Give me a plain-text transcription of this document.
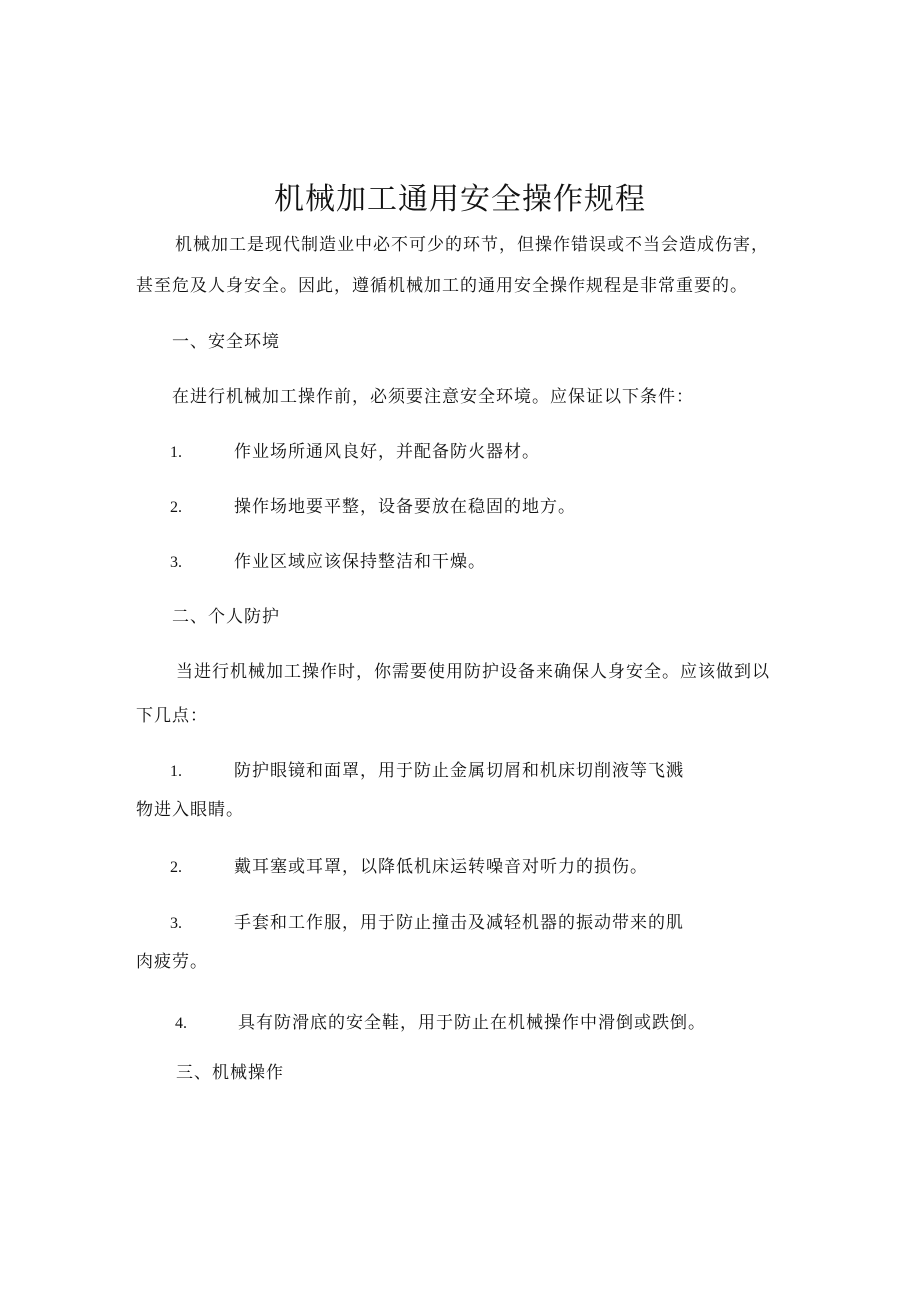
机械加工通用安全操作规程
机械加工是现代制造业中必不可少的环节，但操作错误或不当会造成伤害，
甚至危及人身安全。因此，遵循机械加工的通用安全操作规程是非常重要的。
一、安全环境
在进行机械加工操作前，必须要注意安全环境。应保证以下条件：
1.	作业场所通风良好，并配备防火器材。
2.	操作场地要平整，设备要放在稳固的地方。
3.	作业区域应该保持整洁和干燥。
二、个人防护
当进行机械加工操作时，你需要使用防护设备来确保人身安全。应该做到以
下几点：
1.	防护眼镜和面罩，用于防止金属切屑和机床切削液等飞溅
物进入眼睛。
2.	戴耳塞或耳罩，以降低机床运转噪音对听力的损伤。
3.	手套和工作服，用于防止撞击及减轻机器的振动带来的肌
肉疲劳。
4.	具有防滑底的安全鞋，用于防止在机械操作中滑倒或跌倒。
三、机械操作
